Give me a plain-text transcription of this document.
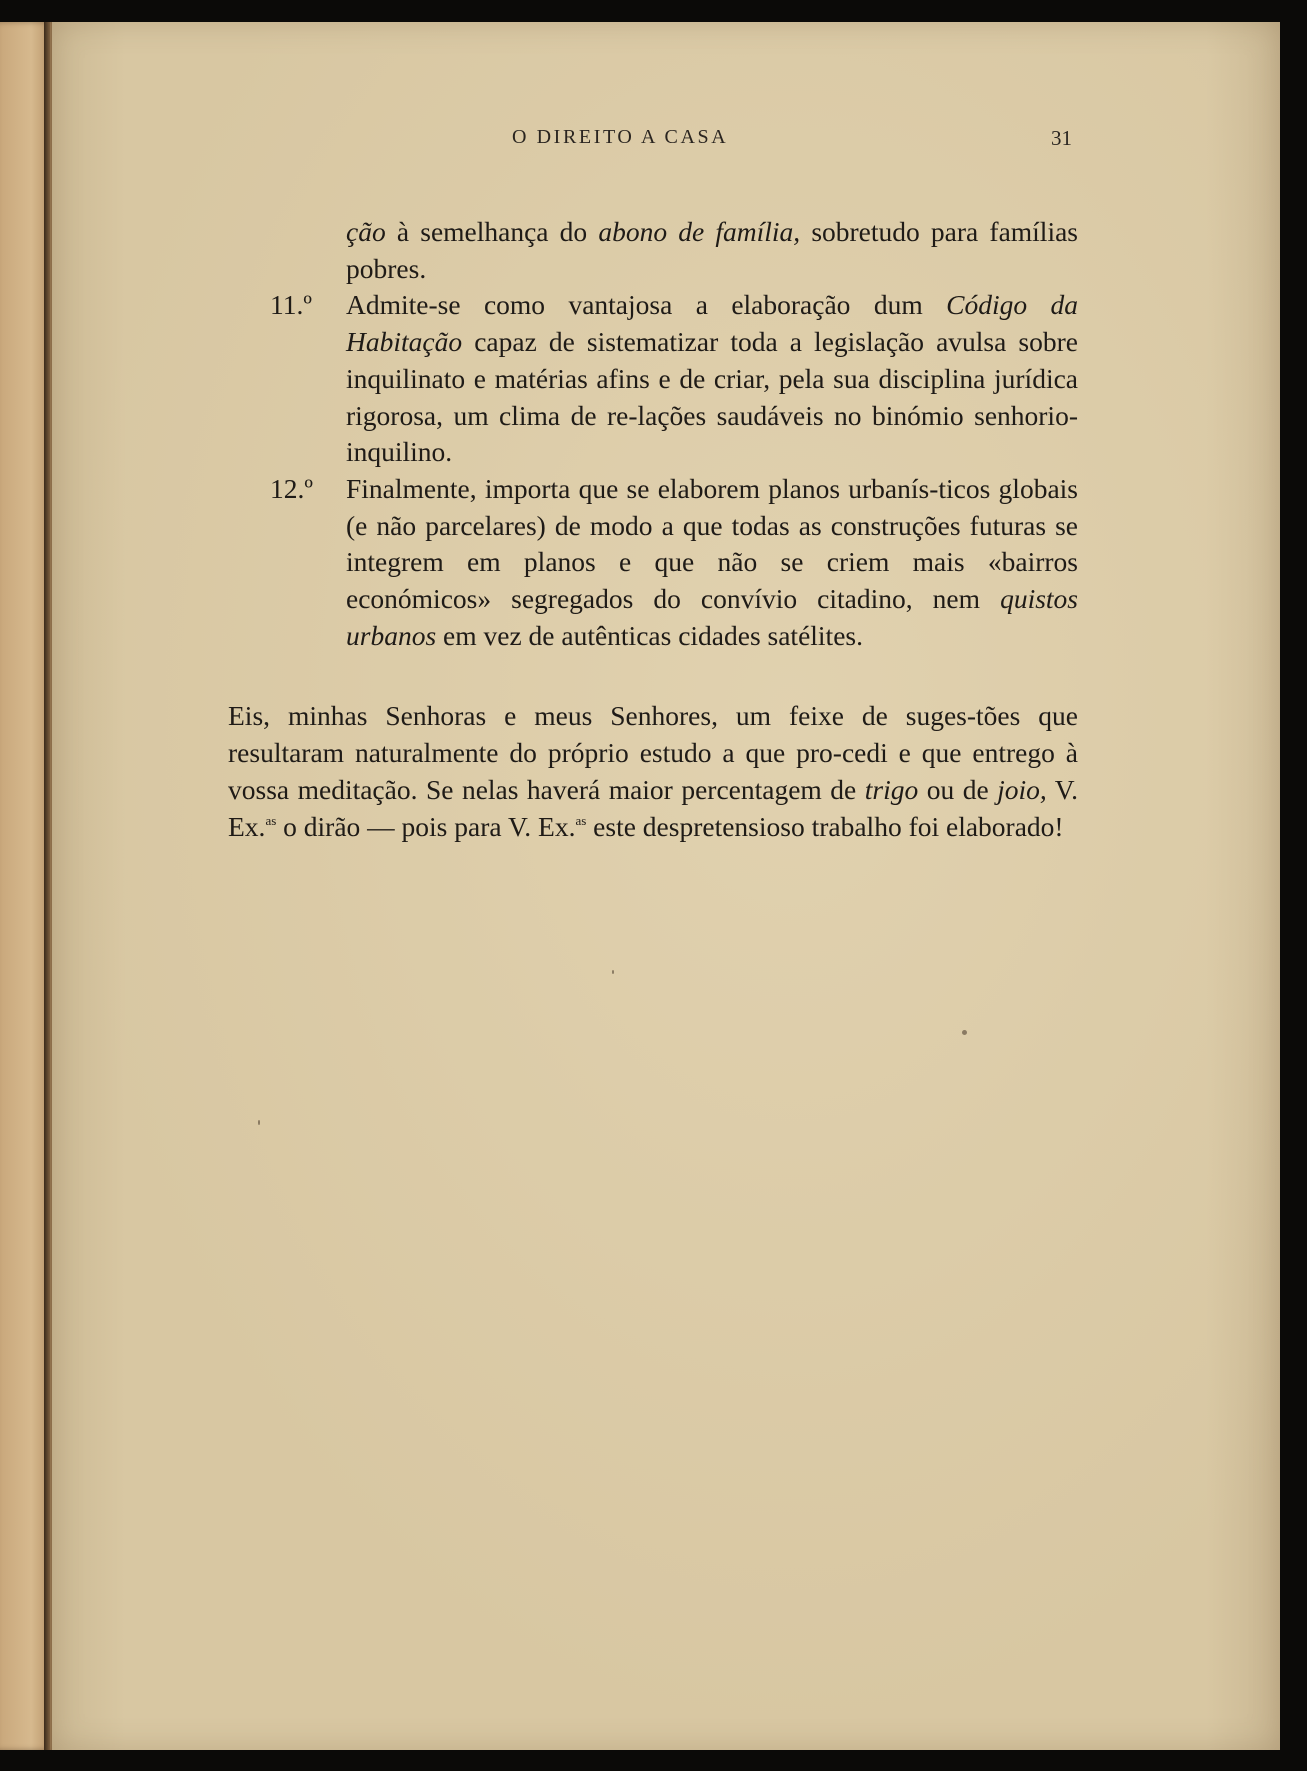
O DIREITO A CASA	31
ção à semelhança do abono de família, sobretudo para famílias pobres.
11.º Admite-se como vantajosa a elaboração dum Código da Habitação capaz de sistematizar toda a legislação avulsa sobre inquilinato e matérias afins e de criar, pela sua disciplina jurídica rigorosa, um clima de re-lações saudáveis no binómio senhorio-inquilino.
12.º Finalmente, importa que se elaborem planos urbanís-ticos globais (e não parcelares) de modo a que todas as construções futuras se integrem em planos e que não se criem mais «bairros económicos» segregados do convívio citadino, nem quistos urbanos em vez de autênticas cidades satélites.
Eis, minhas Senhoras e meus Senhores, um feixe de suges-tões que resultaram naturalmente do próprio estudo a que pro-cedi e que entrego à vossa meditação. Se nelas haverá maior percentagem de trigo ou de joio, V. Ex.$^{as}$ o dirão — pois para V. Ex.$^{as}$ este despretensioso trabalho foi elaborado!
